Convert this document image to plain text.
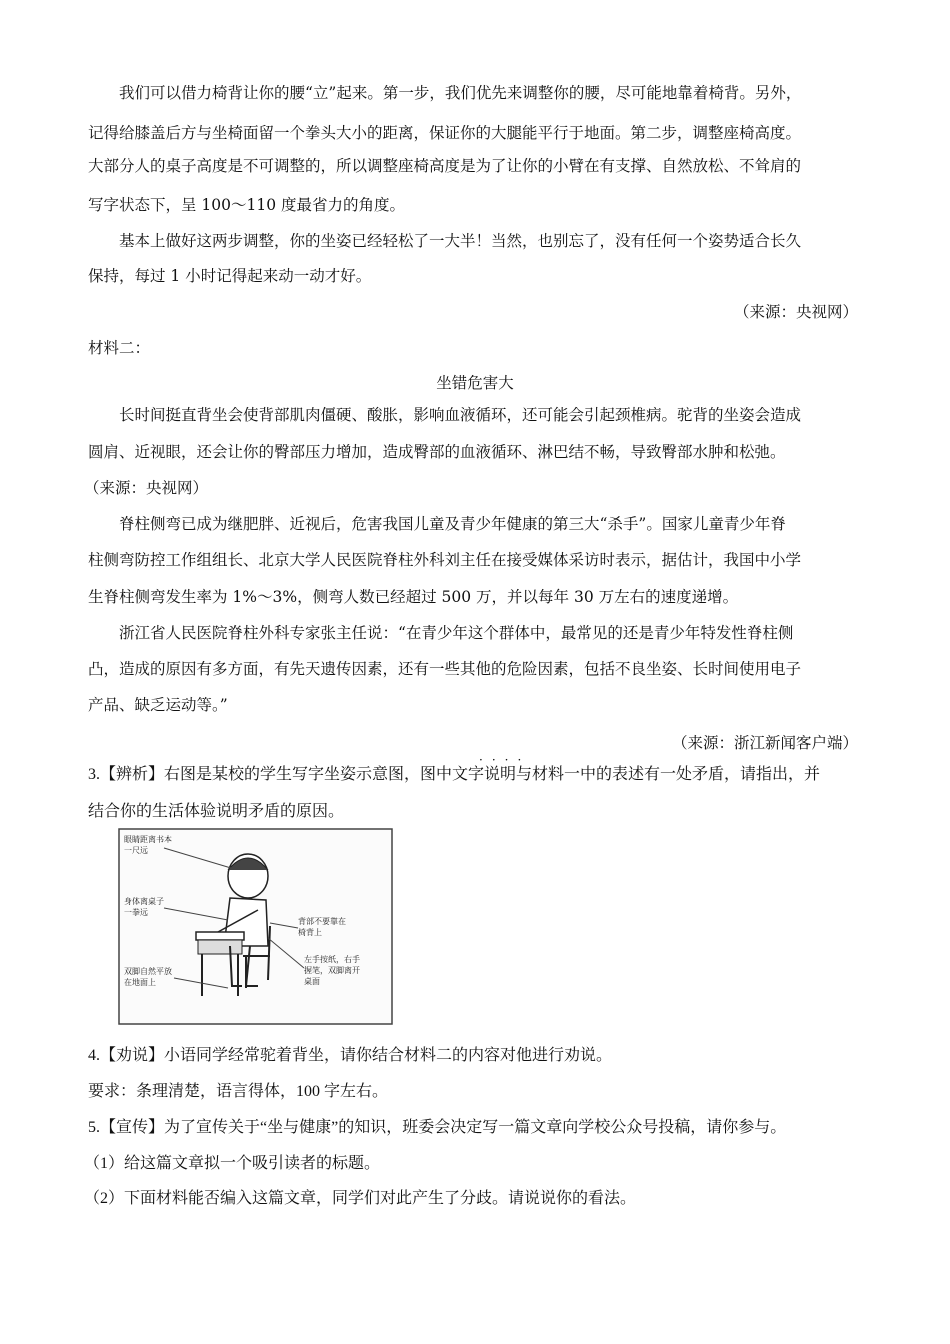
我们可以借力椅背让你的腰“立”起来。第一步，我们优先来调整你的腰，尽可能地靠着椅背。另外，
记得给膝盖后方与坐椅面留一个拳头大小的距离，保证你的大腿能平行于地面。第二步，调整座椅高度。
大部分人的桌子高度是不可调整的，所以调整座椅高度是为了让你的小臂在有支撑、自然放松、不耸肩的
写字状态下，呈 100～110 度最省力的角度。
基本上做好这两步调整，你的坐姿已经轻松了一大半！当然，也别忘了，没有任何一个姿势适合长久
保持，每过 1 小时记得起来动一动才好。
（来源：央视网）
材料二：
坐错危害大
长时间挺直背坐会使背部肌肉僵硬、酸胀，影响血液循环，还可能会引起颈椎病。驼背的坐姿会造成
圆肩、近视眼，还会让你的臀部压力增加，造成臀部的血液循环、淋巴结不畅，导致臀部水肿和松弛。
（来源：央视网）
脊柱侧弯已成为继肥胖、近视后，危害我国儿童及青少年健康的第三大“杀手”。国家儿童青少年脊
柱侧弯防控工作组组长、北京大学人民医院脊柱外科刘主任在接受媒体采访时表示，据估计，我国中小学
生脊柱侧弯发生率为 1%～3%，侧弯人数已经超过 500 万，并以每年 30 万左右的速度递增。
浙江省人民医院脊柱外科专家张主任说：“在青少年这个群体中，最常见的还是青少年特发性脊柱侧
凸，造成的原因有多方面，有先天遗传因素，还有一些其他的危险因素，包括不良坐姿、长时间使用电子
产品、缺乏运动等。”
（来源：浙江新闻客户端）
····
3.【辨析】右图是某校的学生写字坐姿示意图，图中文字说明与材料一中的表述有一处矛盾，请指出，并
结合你的生活体验说明矛盾的原因。
眼睛距离书本
一尺远
身体离桌子
一拳远
背部不要靠在
椅背上
左手按纸，右手
握笔，双脚离开
桌面
双脚自然平放
在地面上
4.【劝说】小语同学经常驼着背坐，请你结合材料二的内容对他进行劝说。
要求：条理清楚，语言得体，100 字左右。
5.【宣传】为了宣传关于“坐与健康”的知识，班委会决定写一篇文章向学校公众号投稿，请你参与。
（1）给这篇文章拟一个吸引读者的标题。
（2）下面材料能否编入这篇文章，同学们对此产生了分歧。请说说你的看法。
